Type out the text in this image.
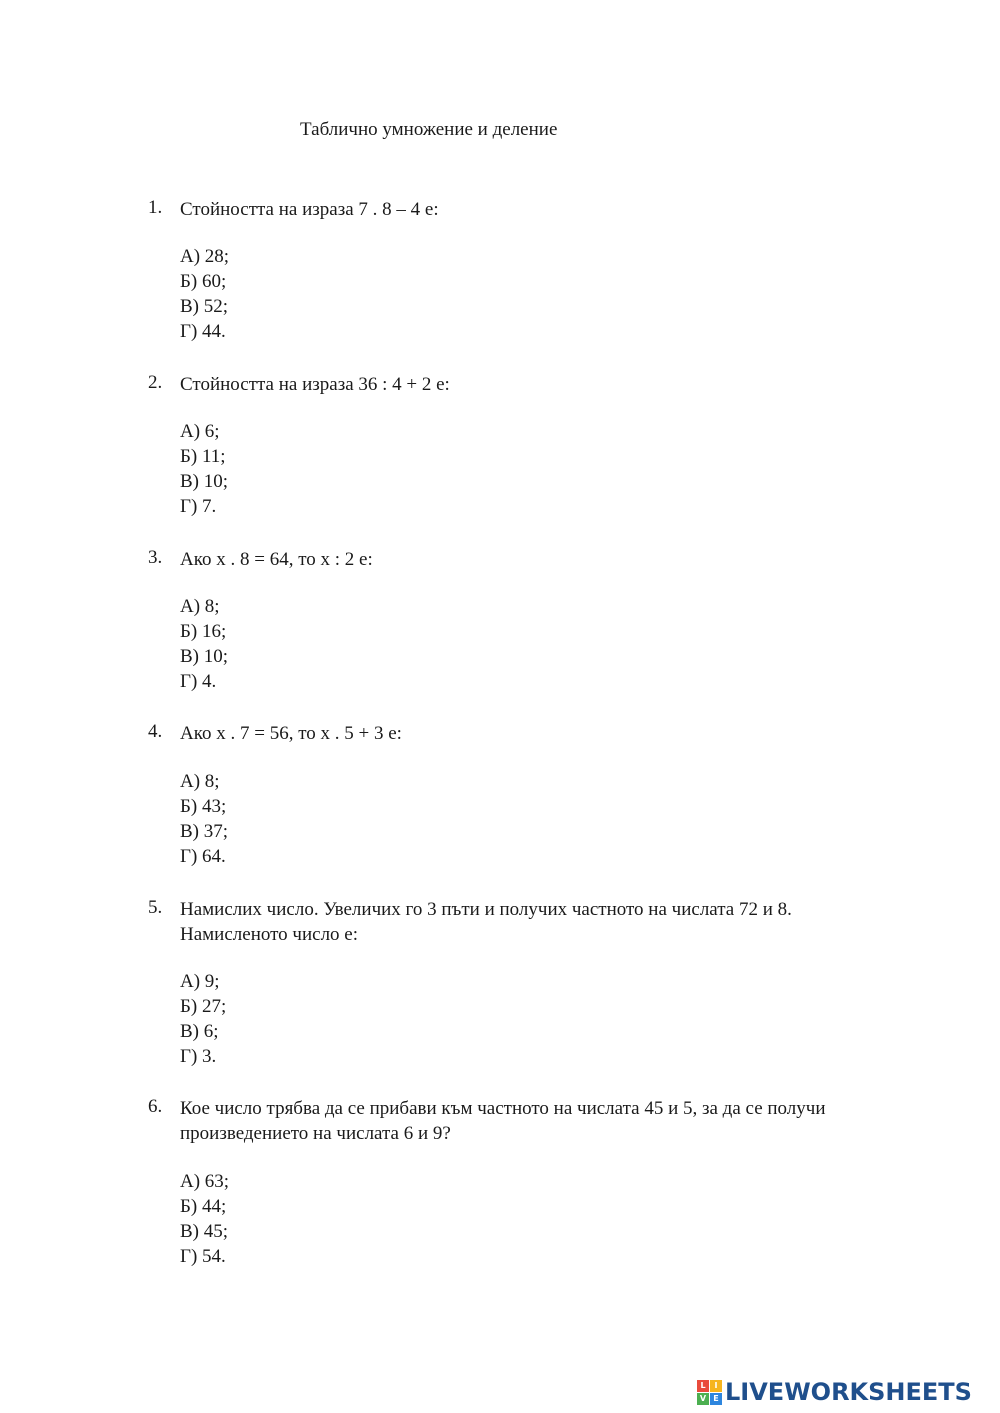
Таблично умножение и деление
1. Стойността на израза 7 . 8 – 4 е:
А) 28;
Б) 60;
В) 52;
Г) 44.
2. Стойността на израза 36 : 4 + 2 е:
А) 6;
Б) 11;
В) 10;
Г) 7.
3. Ако x . 8 = 64, то x : 2 е:
А) 8;
Б) 16;
В) 10;
Г) 4.
4. Ако x . 7 = 56, то x . 5 + 3 е:
А) 8;
Б) 43;
В) 37;
Г) 64.
5. Намислих число. Увеличих го 3 пъти и получих частното на числата 72 и 8. Намисленото число е:
А) 9;
Б) 27;
В) 6;
Г) 3.
6. Кое число трябва да се прибави към частното на числата 45 и 5, за да се получи произведението на числата 6 и 9?
А) 63;
Б) 44;
В) 45;
Г) 54.
L	I
V E LIVEWORKSHEETS
